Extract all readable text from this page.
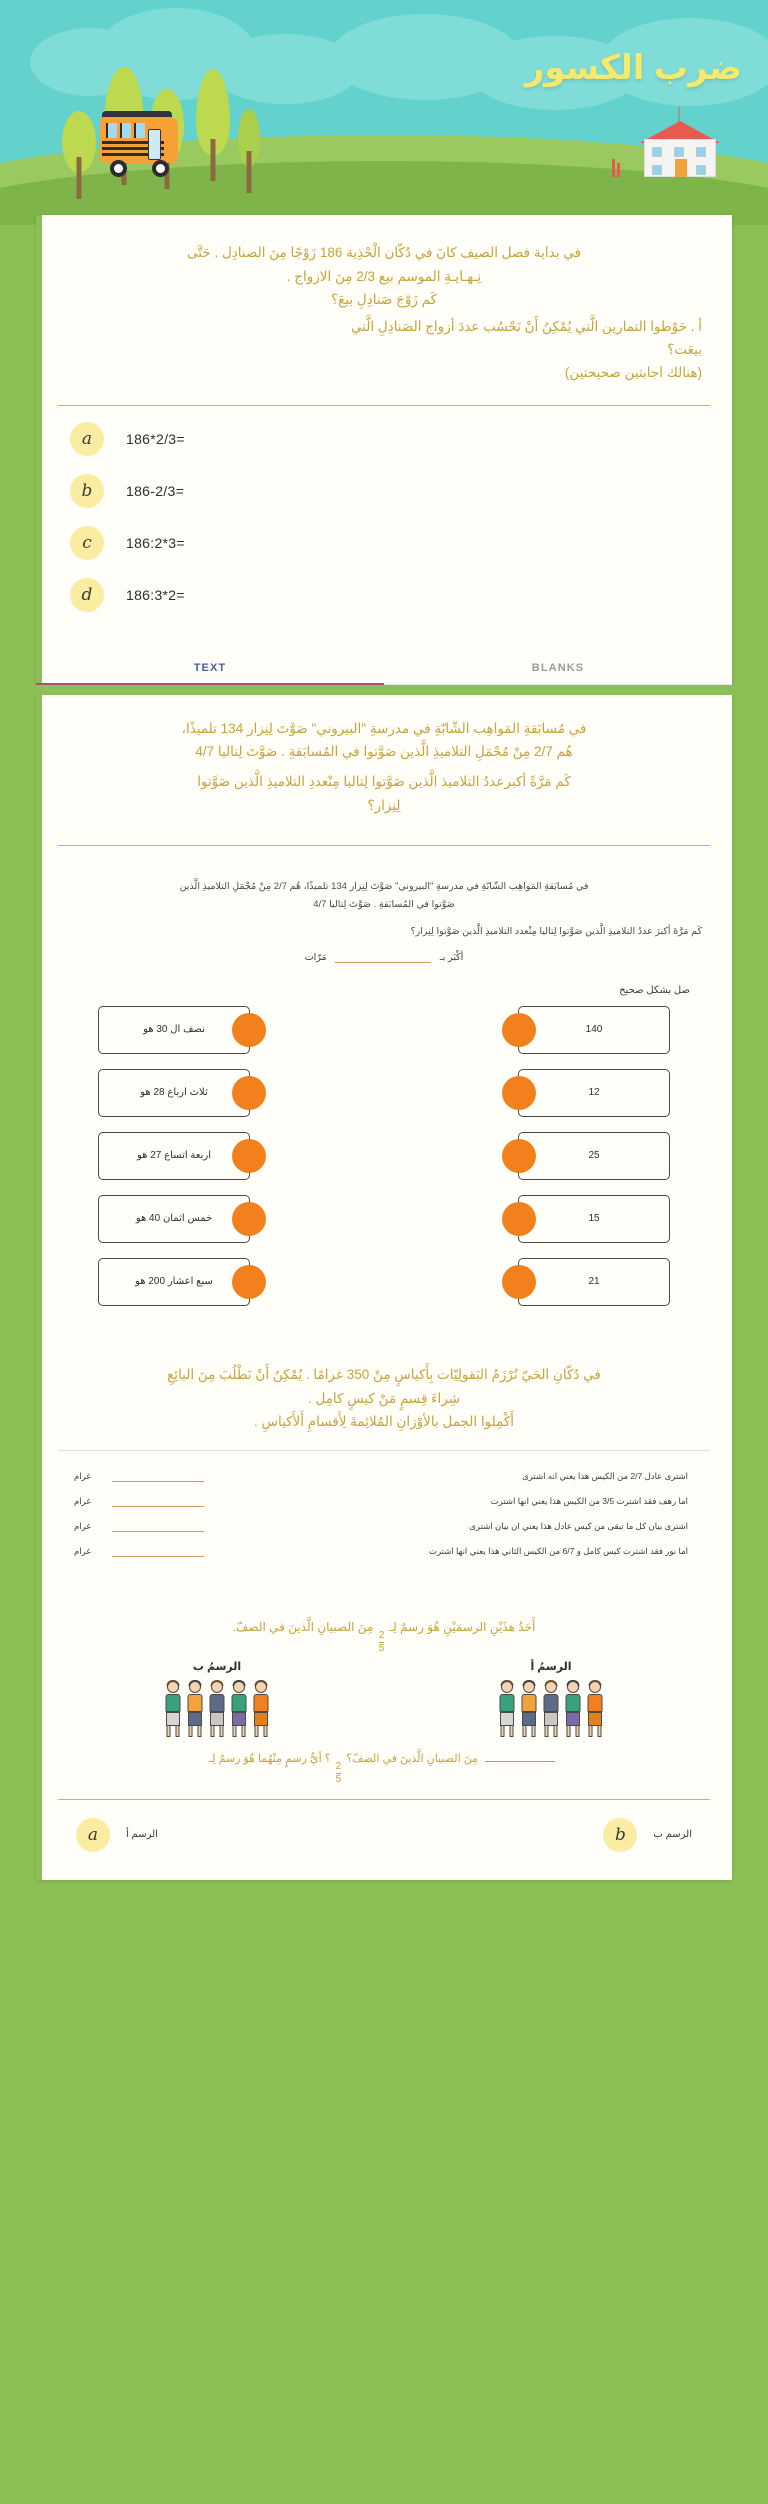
ضرب الكسور
في بداية فصل الصيف كانَ في دُكّان الْحْذِية 186 زَوْجًا مِنَ الصنادِل . حَتَّى
نِـهـايـةِ الموسم بيع 2/3 مِنَ الازواج .
كَم زَوْجَ صَنادِلِ بيعَ؟
أ . حَوْطوا التمارين الَّتي يُمْكِنُ أَنْ نَحْسُب عددَ أزواج الصَنادِلِ الَّتي
بيعَت؟
(هنالك اجابتين صحيحتين)
a	186*2/3=
b	186-2/3=
c	186:2*3=
d	186:3*2=
TEXT	BLANKS
في مُسابَقةِ المَواهِب الشّابّةِ في مدرسةِ "البيروني" صَوَّتَ لِنِزار 134 تلميذًا،
هُم 2/7 مِنْ مُجْمَلِ التلاميذِ الَّذين صَوَّتوا في المُسابَقةِ . صَوَّتَ لِتاليا 4/7
كَم مَرَّةً أكبرعددُ التلاميذ الَّذين صَوَّتوا لِتاليا مِنْعددِ التلاميذِ الَّذين صَوَّتوا
لِنِزار؟
في مُسابَقةِ المَواهِب الشّابّةِ في مدرسةِ "البيروني" صَوَّتَ لِنِزار 134 تلميذًا، هُم 2/7 مِنْ مُجْمَلِ التلاميذِ الَّذين
صَوَّتوا في المُسابَقةِ . صَوَّتَ لِتاليا 4/7
كَم مَرَّةَ أكبرَ عددُ التلاميذِ الَّذين صَوَّتوا لِتاليا مِنْعدد التلاميذِ الَّذين صَوَّتوا لِنِزار؟
أكْبَر بـ  مَرّات
صل بشكل صحيح
نصف ال 30 هو	140
ثلاث ارباع 28 هو	12
اربعة اتساع 27 هو	25
خمس اثمان 40 هو	15
سبع اعشار 200 هو	21
في دُكّانِ الحَيّ تُرْزَمُ البَقولِيّات بِأَكياسٍ مِنْ 350 غرامًا . يُمْكِنُ أَنْ نَطْلُبَ مِنَ البائِعِ
شِراءَ قِسمٍ مَنْ كيسٍ كامِل .
أَكْمِلوا الجمل بالأوْزانِ المُلائِمةَ لِأَقسامِ أَلأَكياسِ .
اشترى عادل 2/7 من الكيس هذا يعني انه اشترى
غرام
اما رهف فقد اشترت 3/5 من الكيس هذا يعني انها اشترت
غرام
اشترى بيان كل ما تبقى من كيس عادل هذا يعني ان بيان اشترى
غرام
اما نور فقد اشترت كيس كامل و 6/7 من الكيس الثاني هذا يعني انها اشترت
غرام
أَحَدُ هذَيْنِ الرسمَيْنِ هُوَ رسمٌ لِـ
$\frac{2}{5}$
مِنَ الصبيانِ الَّذينَ في الصفّ.
الرسمُ ب	الرسمُ أ
مِنَ الصبيانِ الَّذينَ في الصفّ؟
$\frac{2}{5}$
؟ أيُّ رسمٍ مِنْهُما هُوَ رسمٌ لِـ
a	الرسم أ	b	الرسم ب
